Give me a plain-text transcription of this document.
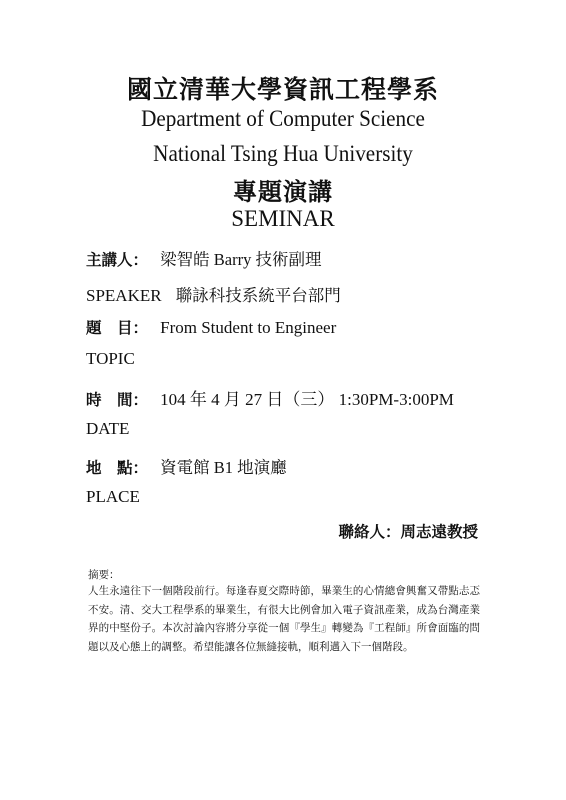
國立清華大學資訊工程學系
Department of Computer Science
National Tsing Hua University
專題演講
SEMINAR
主講人： 梁智皓 Barry 技術副理
SPEAKER 聯詠科技系統平台部門
題　目： From Student to Engineer
TOPIC
時　間： 104 年 4 月 27 日（三） 1:30PM-3:00PM
DATE
地　點： 資電館 B1 地演廳
PLACE
聯絡人：周志遠教授
摘要：
人生永遠往下一個階段前行。每逢春夏交際時節，畢業生的心情總會興奮又帶點忐忑不安。清、交大工程學系的畢業生，有很大比例會加入電子資訊產業，成為台灣產業界的中堅份子。本次討論內容將分享從一個『學生』轉變為『工程師』所會面臨的問題以及心態上的調整。希望能讓各位無縫接軌，順利邁入下一個階段。
